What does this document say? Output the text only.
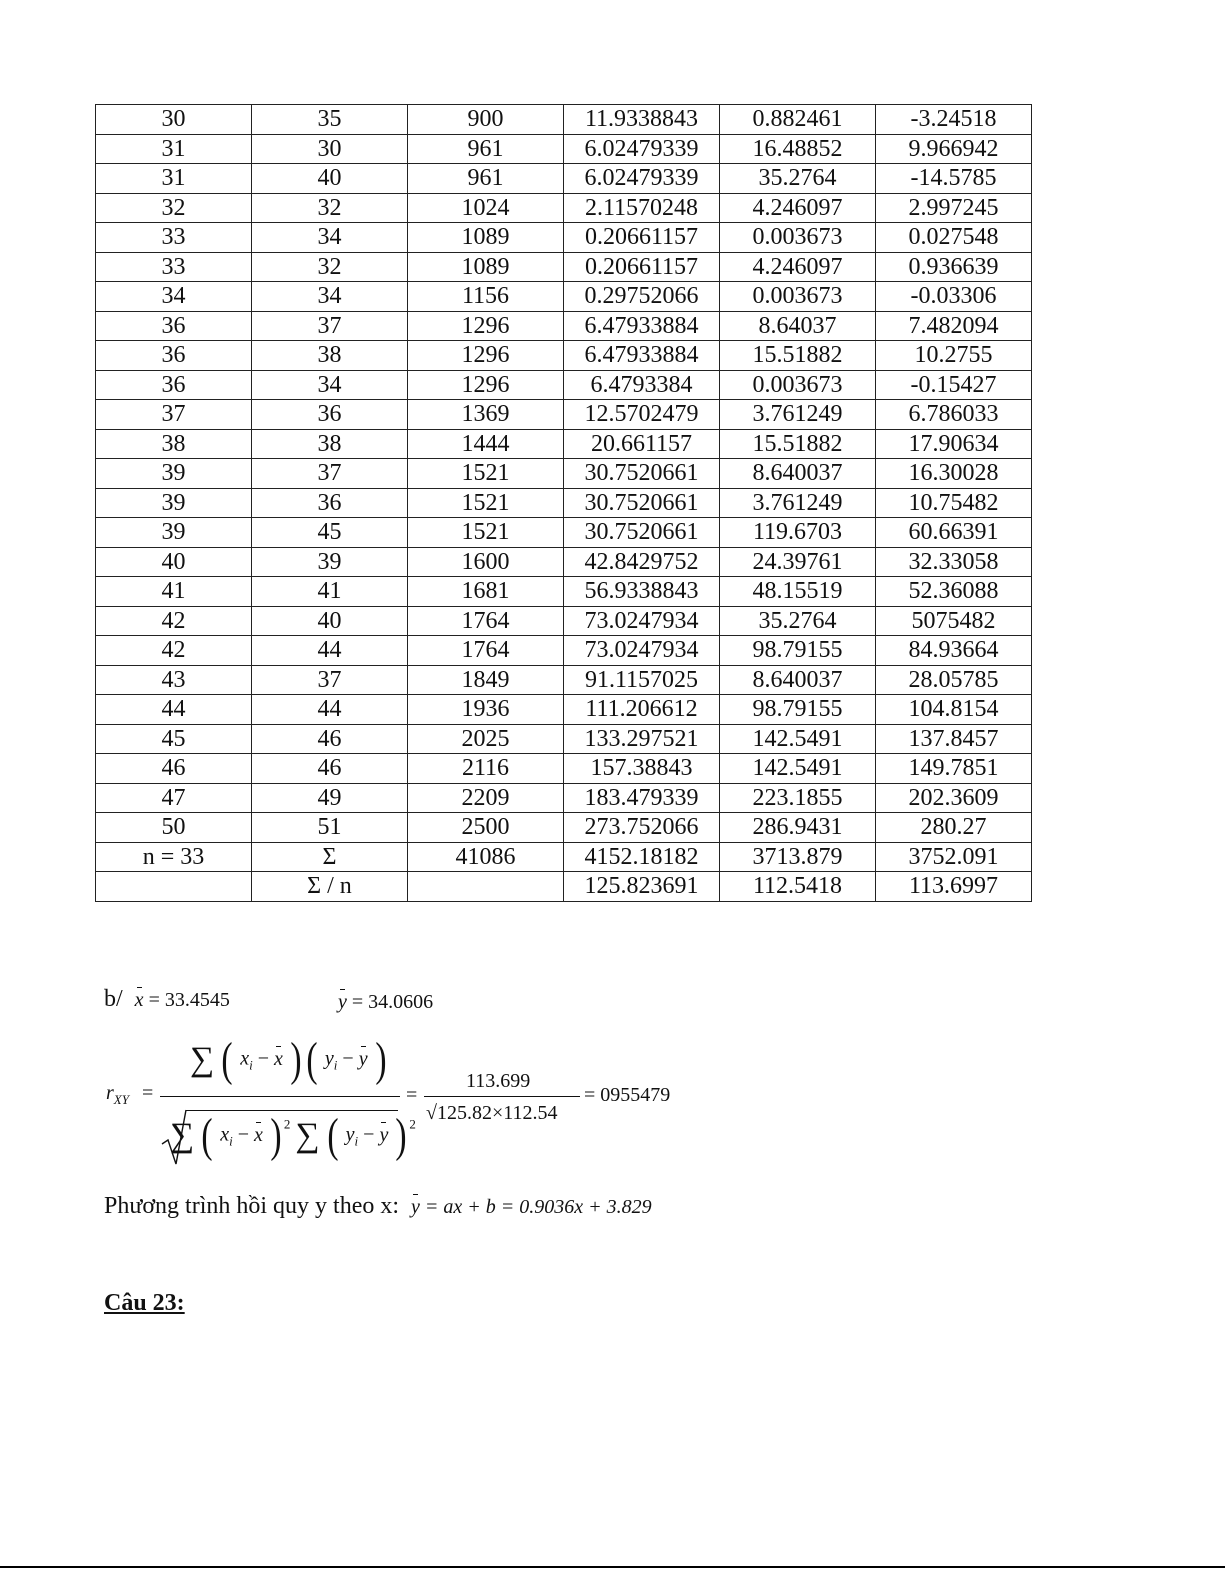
30	35	900	11.9338843	0.882461	-3.24518
31	30	961	6.02479339	16.48852	9.966942
31	40	961	6.02479339	35.2764	-14.5785
32	32	1024	2.11570248	4.246097	2.997245
33	34	1089	0.20661157	0.003673	0.027548
33	32	1089	0.20661157	4.246097	0.936639
34	34	1156	0.29752066	0.003673	-0.03306
36	37	1296	6.47933884	8.64037	7.482094
36	38	1296	6.47933884	15.51882	10.2755
36	34	1296	6.4793384	0.003673	-0.15427
37	36	1369	12.5702479	3.761249	6.786033
38	38	1444	20.661157	15.51882	17.90634
39	37	1521	30.7520661	8.640037	16.30028
39	36	1521	30.7520661	3.761249	10.75482
39	45	1521	30.7520661	119.6703	60.66391
40	39	1600	42.8429752	24.39761	32.33058
41	41	1681	56.9338843	48.15519	52.36088
42	40	1764	73.0247934	35.2764	5075482
42	44	1764	73.0247934	98.79155	84.93664
43	37	1849	91.1157025	8.640037	28.05785
44	44	1936	111.206612	98.79155	104.8154
45	46	2025	133.297521	142.5491	137.8457
46	46	2116	157.38843	142.5491	149.7851
47	49	2209	183.479339	223.1855	202.3609
50	51	2500	273.752066	286.9431	280.27
n = 33	Σ	41086	4152.18182	3713.879	3752.091
	Σ / n		125.823691	112.5418	113.6997
b/ x = 33.4545	y = 34.0606
$r_{XY}$ =
∑ ( $x_i - x$ )( $y_i - y$ )
∑ ( $x_i - x$ ) $^2$ ∑ ( $y_i - y$ ) $^2$
=
113.699
√125.82×112.54
= 0955479
Phương trình hồi quy y theo x: y = ax + b = 0.9036x + 3.829
Câu 23:
